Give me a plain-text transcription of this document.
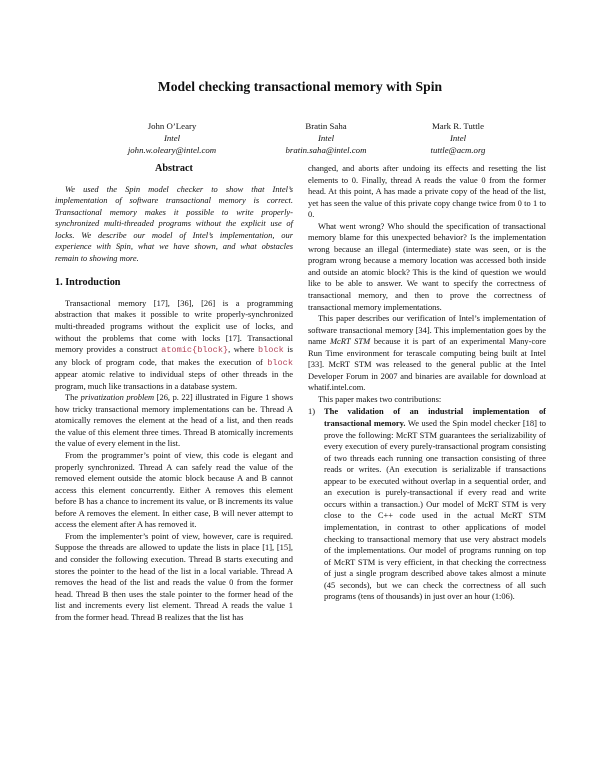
Model checking transactional memory with Spin
John O’Leary
Intel
john.w.oleary@intel.com
Bratin Saha
Intel
bratin.saha@intel.com
Mark R. Tuttle
Intel
tuttle@acm.org
Abstract

We used the Spin model checker to show that Intel’s implementation of software transactional memory is correct. Transactional memory makes it possible to write properly-synchronized multi-threaded programs without the explicit use of locks. We describe our model of Intel’s implementation, our experience with Spin, what we have shown, and what obstacles remain to showing more.

1. Introduction

Transactional memory [17], [36], [26] is a programming abstraction that makes it possible to write properly-synchronized multi-threaded programs without the explicit use of locks, and without the problems that come with locks [17]. Transactional memory provides a construct atomic{block}, where block is any block of program code, that makes the execution of block appear atomic relative to individual steps of other threads in the program, much like transactions in a database system.

The privatization problem [26, p. 22] illustrated in Figure 1 shows how tricky transactional memory implementations can be. Thread A atomically removes the element at the head of a list, and then reads the value of this element three times. Thread B atomically increments the value of every element in the list.

From the programmer’s point of view, this code is elegant and properly synchronized. Thread A can safely read the value of the removed element outside the atomic block because A and B cannot access this element concurrently. Either A removes this element before B has a chance to increment its value, or B increments its value before A removes the element. In either case, B will never attempt to access the element after A has removed it.

From the implementer’s point of view, however, care is required. Suppose the threads are allowed to update the lists in place [1], [15], and consider the following execution. Thread B starts executing and stores the pointer to the head of the list in a local variable. Thread A removes the head of the list and reads the value 0 from the former head. Thread B then uses the stale pointer to the former head of the list and increments every list element. Thread A reads the value 1 from the former head. Thread B realizes that the list has

changed, and aborts after undoing its effects and resetting the list elements to 0. Finally, thread A reads the value 0 from the former head. At this point, A has made a private copy of the head of the list, yet has seen the value of this private copy change twice from 0 to 1 to 0.

What went wrong? Who should the specification of transactional memory blame for this unexpected behavior? Is the implementation wrong because an illegal (intermediate) state was seen, or is the program wrong because a memory location was accessed both inside and outside an atomic block? This is the kind of question we would like to be able to answer. We want to specify the correctness of transactional memory, and then to prove the correctness of transactional memory implementations.

This paper describes our verification of Intel’s implementation of software transactional memory [34]. This implementation goes by the name McRT STM because it is part of an experimental Many-core Run Time environment for terascale computing being built at Intel [33]. McRT STM was released to the general public at the Intel Developer Forum in 2007 and binaries are available for download at whatif.intel.com.

This paper makes two contributions:

1)	The validation of an industrial implementation of transactional memory. We used the Spin model checker [18] to prove the following: McRT STM guarantees the serializability of every execution of every purely-transactional program consisting of two threads each running one transaction consisting of three reads or writes. (An execution is serializable if transactions appear to be executed without overlap in a sequential order, and an execution is purely-transactional if every read and write occurs within a transaction.) Our model of McRT STM is very close to the C++ code used in the actual McRT STM implementation, in contrast to other applications of model checking to transactional memory that use very abstract models of the implementations. Our model of programs running on top of McRT STM is very efficient, in that checking the correctness of just a single program described above takes almost a minute (45 seconds), but we can check the correctness of all such programs (tens of thousands) in just over an hour (1:06).
